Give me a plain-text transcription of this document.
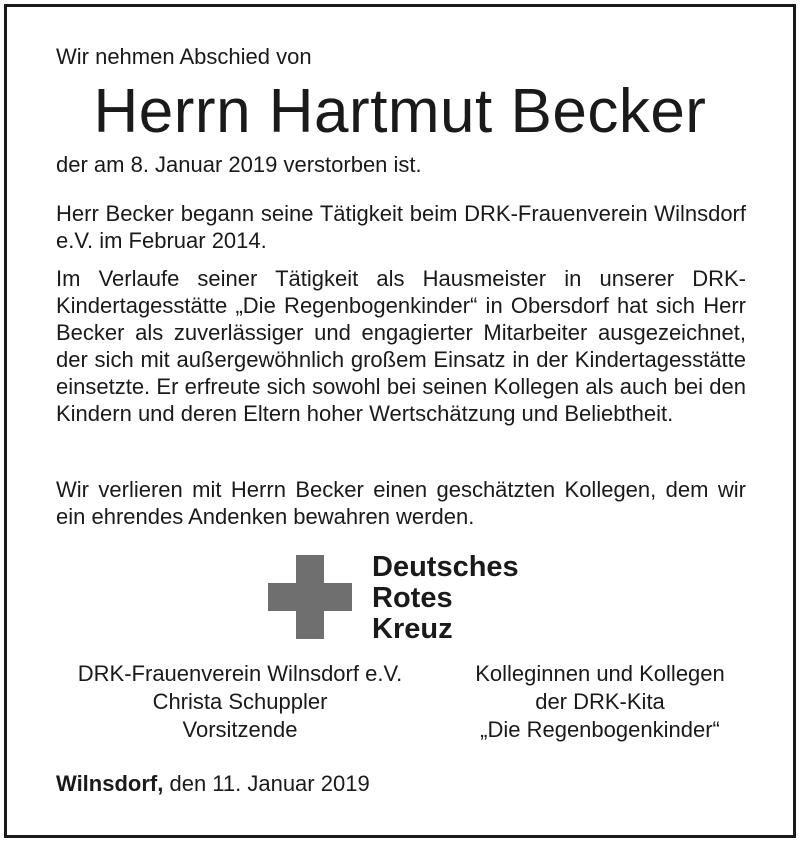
Wir nehmen Abschied von

Herrn Hartmut Becker

der am 8. Januar 2019 verstorben ist.

Herr Becker begann seine Tätigkeit beim DRK-Frauenverein Wilnsdorf e.V. im Februar 2014.

Im Verlaufe seiner Tätigkeit als Hausmeister in unserer DRK-Kindertagesstätte „Die Regenbogenkinder“ in Obersdorf hat sich Herr Becker als zuverlässiger und engagierter Mitarbeiter ausgezeichnet, der sich mit außergewöhnlich großem Einsatz in der Kindertagesstätte einsetzte. Er erfreute sich sowohl bei seinen Kollegen als auch bei den Kindern und deren Eltern hoher Wertschätzung und Beliebtheit.

Wir verlieren mit Herrn Becker einen geschätzten Kollegen, dem wir ein ehrendes Andenken bewahren werden.

Deutsches
Rotes
Kreuz
DRK-Frauenverein Wilnsdorf e.V.
Christa Schuppler
Vorsitzende
Kolleginnen und Kollegen
der DRK-Kita
„Die Regenbogenkinder“

Wilnsdorf, den 11. Januar 2019
